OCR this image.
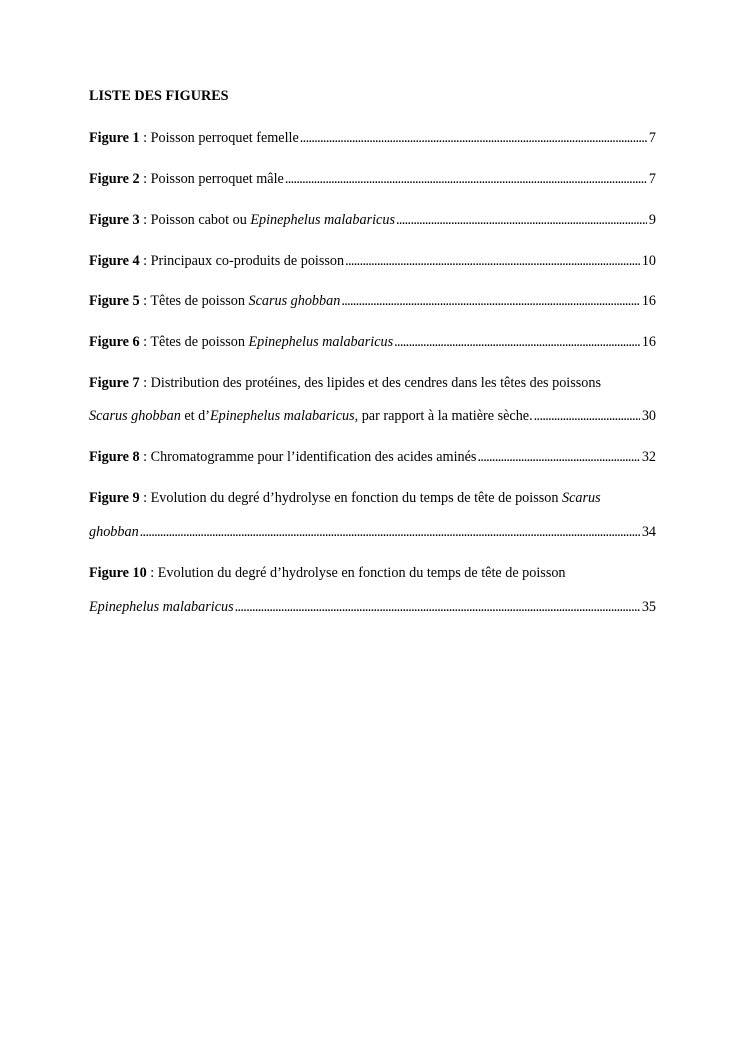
LISTE DES FIGURES
Figure 1 : Poisson perroquet femelle . . .	7
Figure 2 : Poisson perroquet mâle . . .	7
Figure 3 : Poisson cabot ou Epinephelus malabaricus . . .	9
Figure 4 : Principaux co-produits de poisson . . .	10
Figure 5 : Têtes de poisson Scarus ghobban . . .	16
Figure 6 : Têtes de poisson Epinephelus malabaricus . . .	16
Figure 7 : Distribution des protéines, des lipides et des cendres dans les têtes des poissons
Scarus ghobban et d’Epinephelus malabaricus, par rapport à la matière sèche. . . .	30
Figure 8 : Chromatogramme pour l’identification des acides aminés . . .	32
Figure 9 : Evolution du degré d’hydrolyse en fonction du temps de tête de poisson Scarus
ghobban . . .	34
Figure 10 : Evolution du degré d’hydrolyse en fonction du temps de tête de poisson
Epinephelus malabaricus . . .	35
